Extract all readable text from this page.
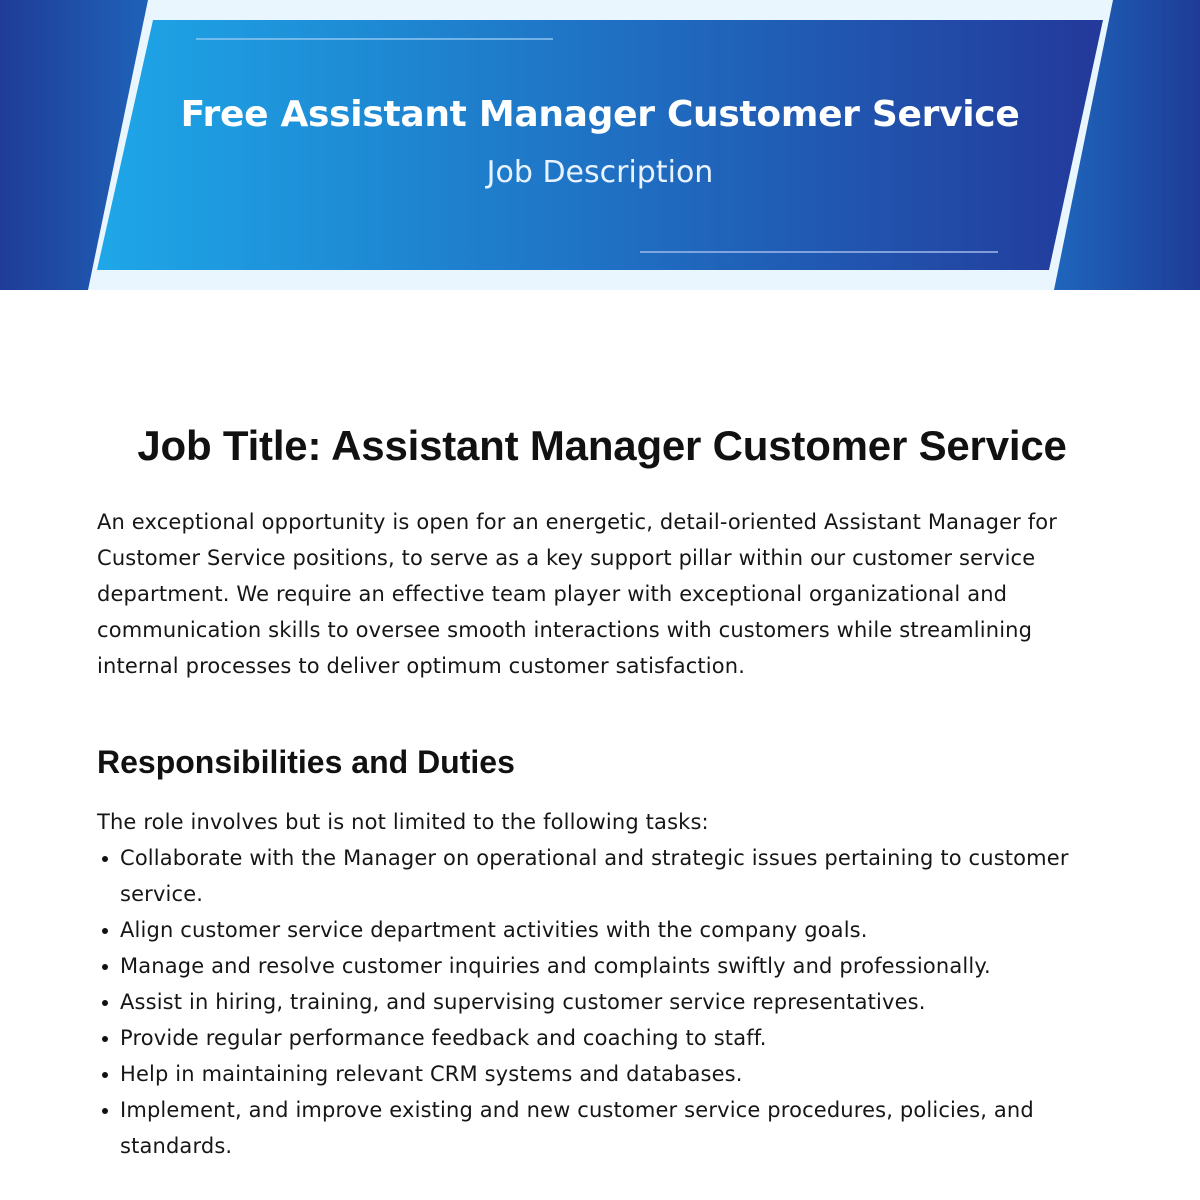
Free Assistant Manager Customer Service
Job Description
Job Title: Assistant Manager Customer Service

An exceptional opportunity is open for an energetic, detail-oriented Assistant Manager for Customer Service positions, to serve as a key support pillar within our customer service department. We require an effective team player with exceptional organizational and communication skills to oversee smooth interactions with customers while streamlining internal processes to deliver optimum customer satisfaction.

Responsibilities and Duties

The role involves but is not limited to the following tasks:

Collaborate with the Manager on operational and strategic issues pertaining to customer service.
Align customer service department activities with the company goals.
Manage and resolve customer inquiries and complaints swiftly and professionally.
Assist in hiring, training, and supervising customer service representatives.
Provide regular performance feedback and coaching to staff.
Help in maintaining relevant CRM systems and databases.
Implement, and improve existing and new customer service procedures, policies, and standards.
